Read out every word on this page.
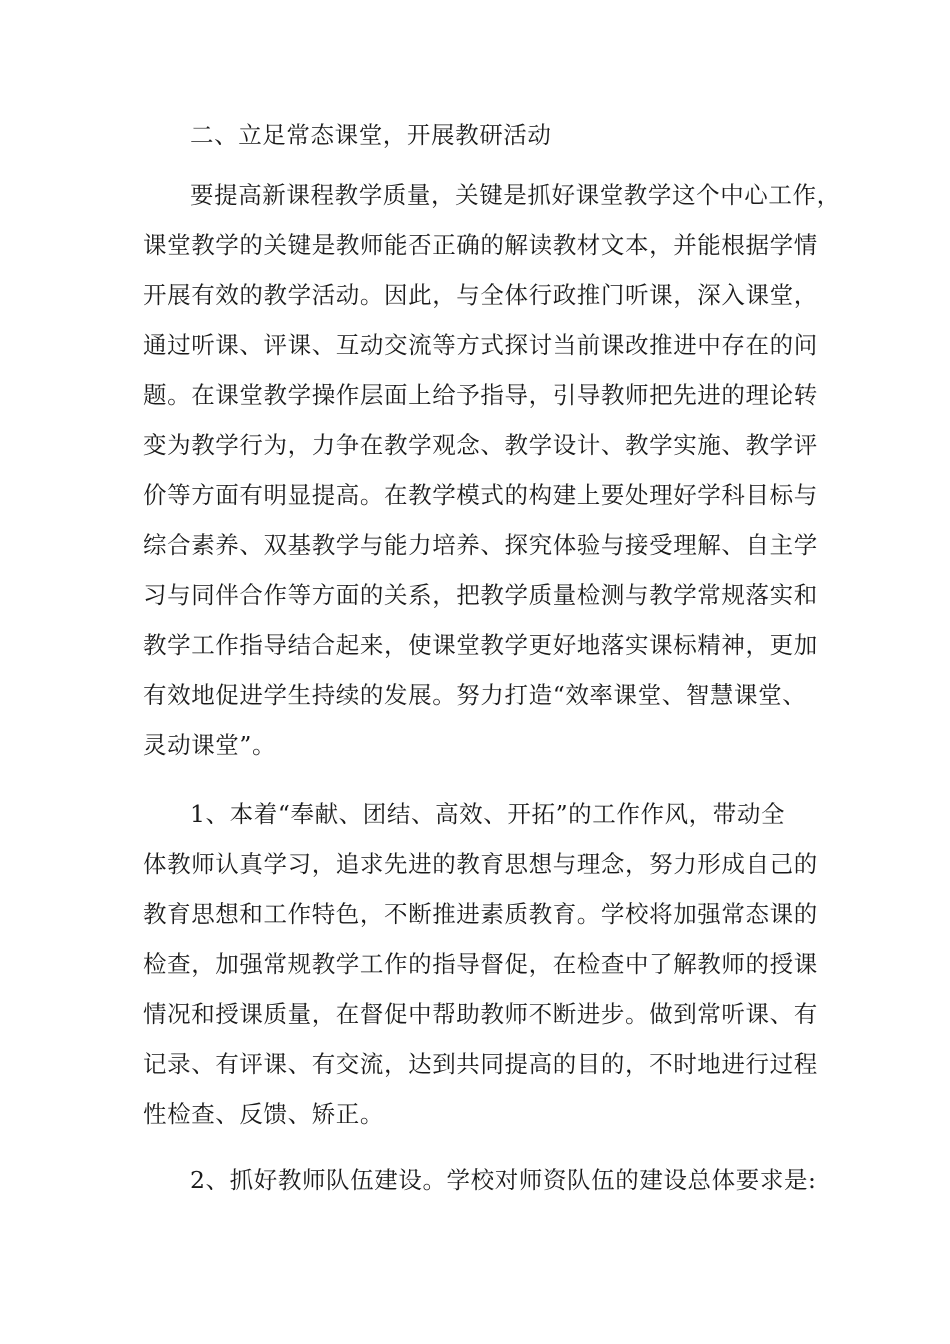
二、立足常态课堂，开展教研活动
要提高新课程教学质量，关键是抓好课堂教学这个中心工作，
课堂教学的关键是教师能否正确的解读教材文本，并能根据学情
开展有效的教学活动。因此，与全体行政推门听课，深入课堂，
通过听课、评课、互动交流等方式探讨当前课改推进中存在的问
题。在课堂教学操作层面上给予指导，引导教师把先进的理论转
变为教学行为，力争在教学观念、教学设计、教学实施、教学评
价等方面有明显提高。在教学模式的构建上要处理好学科目标与
综合素养、双基教学与能力培养、探究体验与接受理解、自主学
习与同伴合作等方面的关系，把教学质量检测与教学常规落实和
教学工作指导结合起来，使课堂教学更好地落实课标精神，更加
有效地促进学生持续的发展。努力打造“效率课堂、智慧课堂、
灵动课堂”。
1、本着“奉献、团结、高效、开拓”的工作作风，带动全
体教师认真学习，追求先进的教育思想与理念，努力形成自己的
教育思想和工作特色，不断推进素质教育。学校将加强常态课的
检查，加强常规教学工作的指导督促，在检查中了解教师的授课
情况和授课质量，在督促中帮助教师不断进步。做到常听课、有
记录、有评课、有交流，达到共同提高的目的，不时地进行过程
性检查、反馈、矫正。
2、抓好教师队伍建设。学校对师资队伍的建设总体要求是:
